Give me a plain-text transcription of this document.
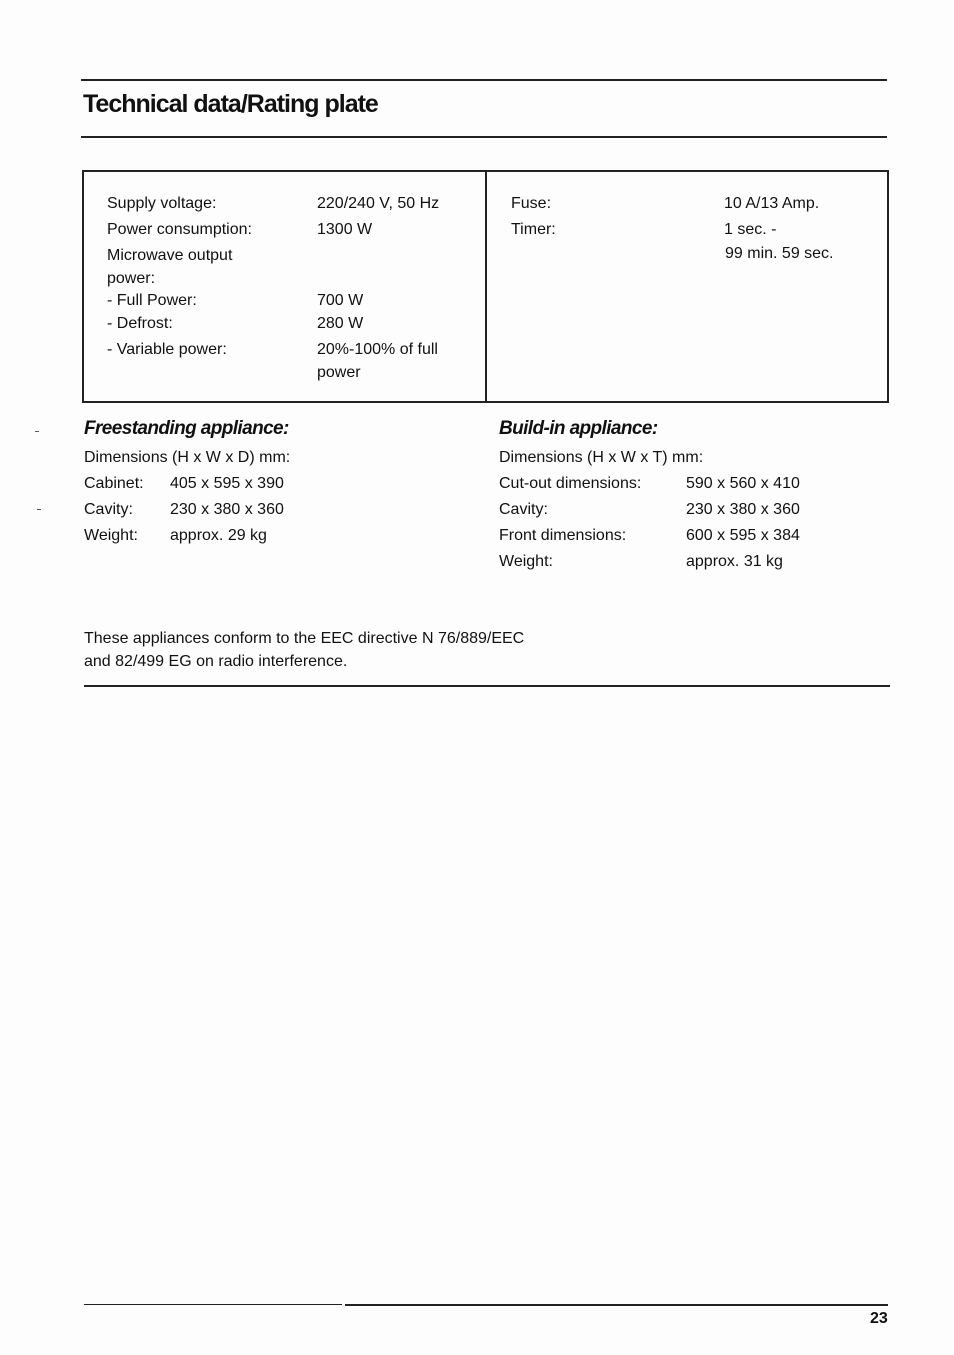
Technical data/Rating plate
Supply voltage:
Power consumption:
Microwave output power:
- Full Power:
- Defrost:
- Variable power:
220/240 V, 50 Hz
1300 W
700 W
280 W
20%-100% of full power
Fuse:
Timer:
10 A/13 Amp.
1 sec. -
99 min. 59 sec.
Freestanding appliance:
Dimensions (H x W x D) mm:
Cabinet:
Cavity:
Weight:
405 x 595 x 390
230 x 380 x 360
approx. 29 kg
Build-in appliance:
Dimensions (H x W x T) mm:
Cut-out dimensions:
Cavity:
Front dimensions:
Weight:
590 x 560 x 410
230 x 380 x 360
600 x 595 x 384
approx. 31 kg
These appliances conform to the EEC directive N 76/889/EEC
and 82/499 EG on radio interference.
23
